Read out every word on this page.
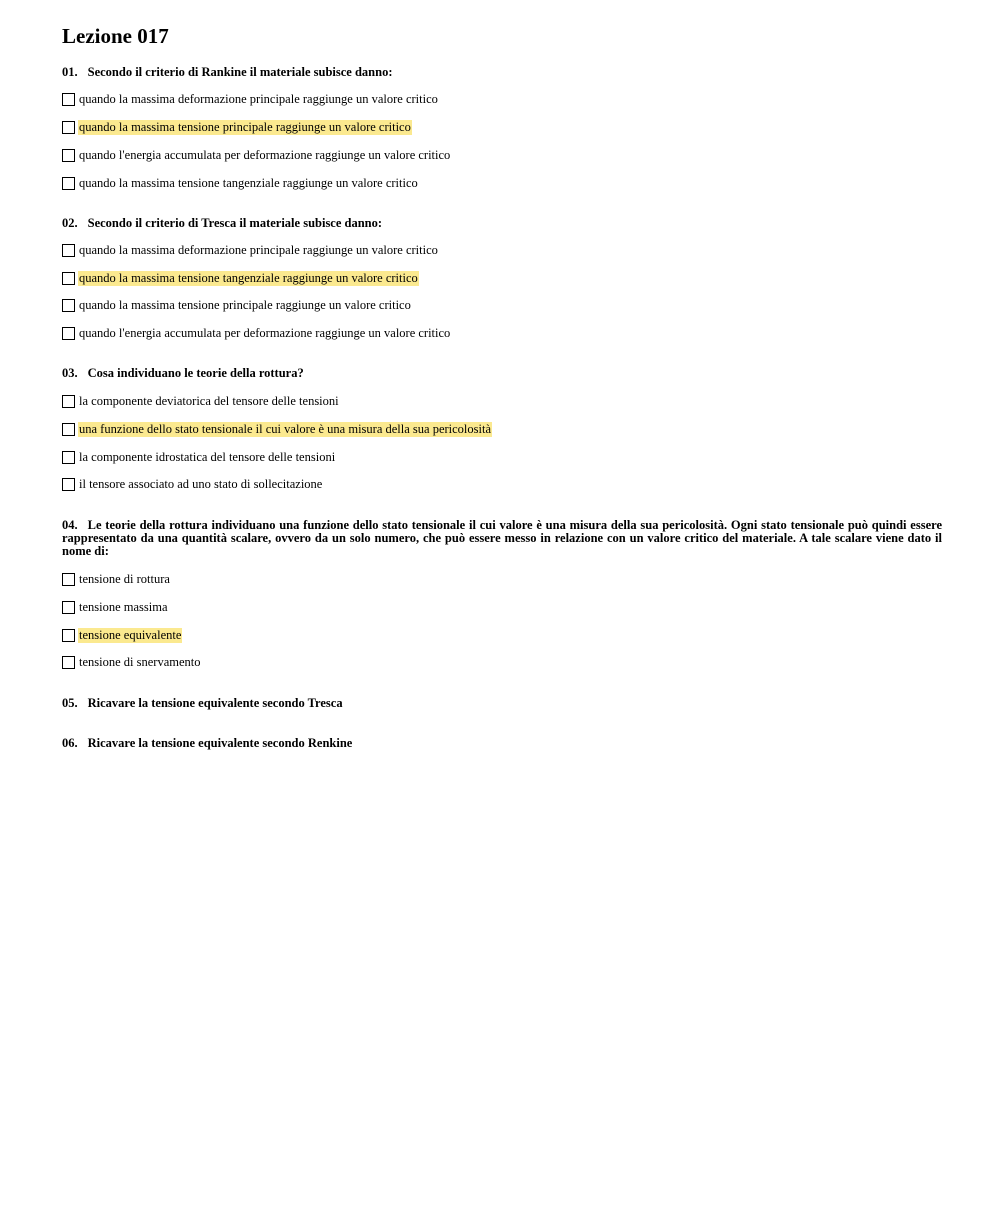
Lezione 017
01. Secondo il criterio di Rankine il materiale subisce danno:
quando la massima deformazione principale raggiunge un valore critico
quando la massima tensione principale raggiunge un valore critico
quando l'energia accumulata per deformazione raggiunge un valore critico
quando la massima tensione tangenziale raggiunge un valore critico
02. Secondo il criterio di Tresca il materiale subisce danno:
quando la massima deformazione principale raggiunge un valore critico
quando la massima tensione tangenziale raggiunge un valore critico
quando la massima tensione principale raggiunge un valore critico
quando l'energia accumulata per deformazione raggiunge un valore critico
03. Cosa individuano le teorie della rottura?
la componente deviatorica del tensore delle tensioni
una funzione dello stato tensionale il cui valore è una misura della sua pericolosità
la componente idrostatica del tensore delle tensioni
il tensore associato ad uno stato di sollecitazione
04. Le teorie della rottura individuano una funzione dello stato tensionale il cui valore è una misura della sua pericolosità. Ogni stato tensionale può quindi essere rappresentato da una quantità scalare, ovvero da un solo numero, che può essere messo in relazione con un valore critico del materiale. A tale scalare viene dato il nome di:
tensione di rottura
tensione massima
tensione equivalente
tensione di snervamento
05. Ricavare la tensione equivalente secondo Tresca
06. Ricavare la tensione equivalente secondo Renkine
